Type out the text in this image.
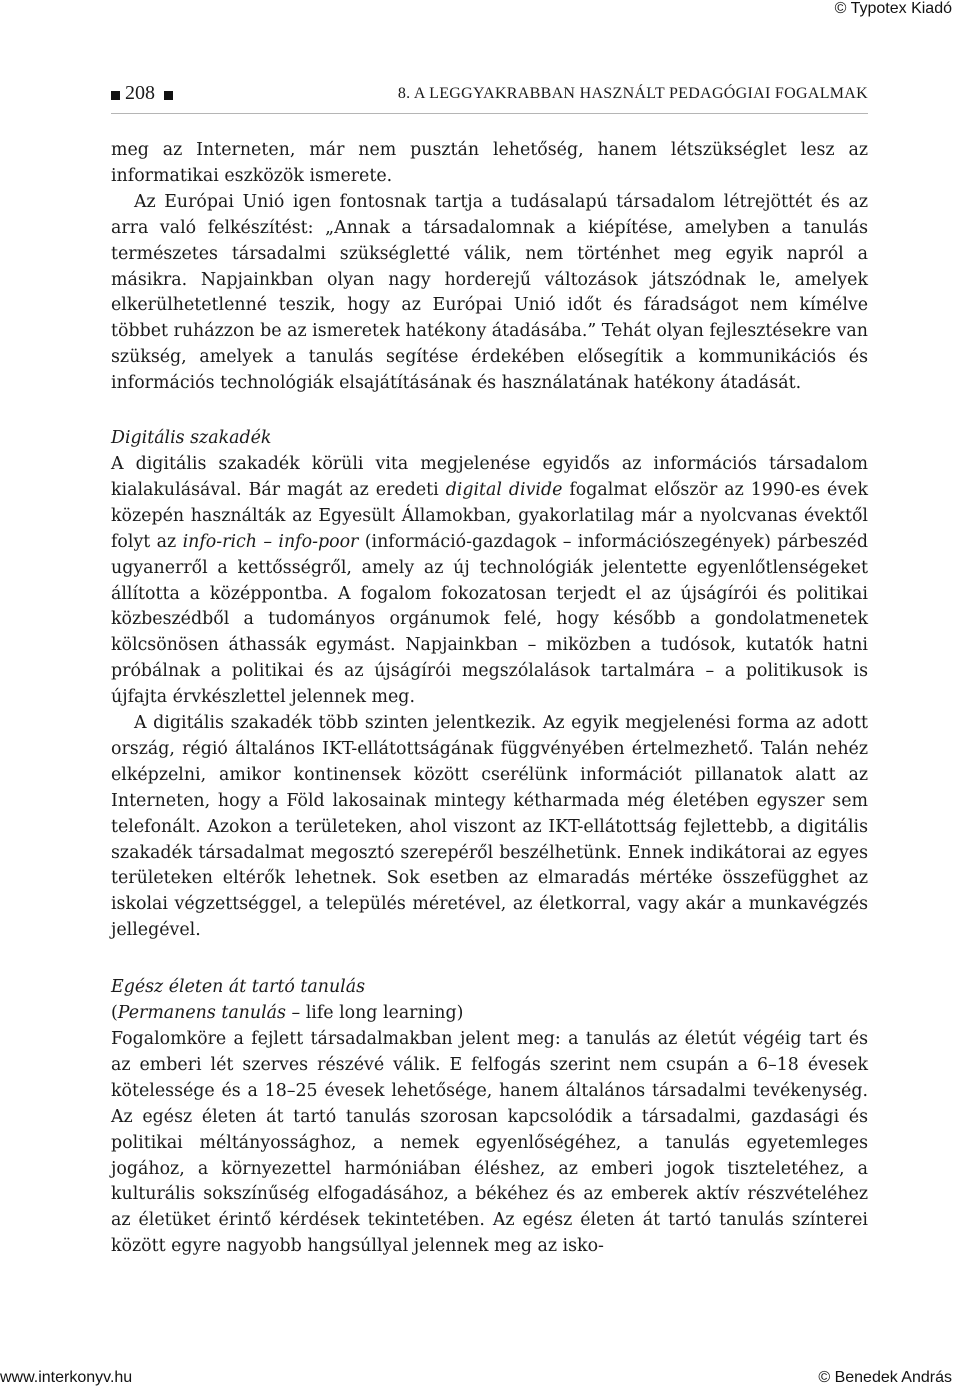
© Typotex Kiadó
208	8. A LEGGYAKRABBAN HASZNÁLT PEDAGÓGIAI FOGALMAK

meg az Interneten, már nem pusztán lehetőség, hanem létszükséglet lesz az informatikai eszközök ismerete.

Az Európai Unió igen fontosnak tartja a tudásalapú társadalom létrejöttét és az arra való felkészítést: „Annak a társadalomnak a kiépítése, amelyben a tanulás természetes társadalmi szükségletté válik, nem történhet meg egyik napról a másikra. Napjainkban olyan nagy horderejű változások játszódnak le, amelyek elkerülhetetlenné teszik, hogy az Európai Unió időt és fáradságot nem kímélve többet ruházzon be az ismeretek hatékony átadásába.” Tehát olyan fejlesztésekre van szükség, amelyek a tanulás segítése érdekében elősegítik a kommunikációs és információs technológiák elsajátításának és használatának hatékony átadását.

Digitális szakadék

A digitális szakadék körüli vita megjelenése egyidős az információs társadalom kialakulásával. Bár magát az eredeti digital divide fogalmat először az 1990-es évek közepén használták az Egyesült Államokban, gyakorlatilag már a nyolcvanas évektől folyt az info-rich – info-poor (információ-gazdagok – információszegények) párbeszéd ugyanerről a kettősségről, amely az új technológiák jelentette egyenlőtlenségeket állította a középpontba. A fogalom fokozatosan terjedt el az újságírói és politikai közbeszédből a tudományos orgánumok felé, hogy később a gondolatmenetek kölcsönösen áthassák egymást. Napjainkban – miközben a tudósok, kutatók hatni próbálnak a politikai és az újságírói megszólalások tartalmára – a politikusok is újfajta érvkészlettel jelennek meg.

A digitális szakadék több szinten jelentkezik. Az egyik megjelenési forma az adott ország, régió általános IKT-ellátottságának függvényében értelmezhető. Talán nehéz elképzelni, amikor kontinensek között cserélünk információt pillanatok alatt az Interneten, hogy a Föld lakosainak mintegy kétharmada még életében egyszer sem telefonált. Azokon a területeken, ahol viszont az IKT-ellátottság fejlettebb, a digitális szakadék társadalmat megosztó szerepéről beszélhetünk. Ennek indikátorai az egyes területeken eltérők lehetnek. Sok esetben az elmaradás mértéke összefügghet az iskolai végzettséggel, a település méretével, az életkorral, vagy akár a munkavégzés jellegével.

Egész életen át tartó tanulás
(Permanens tanulás – life long learning)

Fogalomköre a fejlett társadalmakban jelent meg: a tanulás az életút végéig tart és az emberi lét szerves részévé válik. E felfogás szerint nem csupán a 6–18 évesek kötelessége és a 18–25 évesek lehetősége, hanem általános társadalmi tevékenység. Az egész életen át tartó tanulás szorosan kapcsolódik a társadalmi, gazdasági és politikai méltányossághoz, a nemek egyenlőségéhez, a tanulás egyetemleges jogához, a környezettel harmóniában éléshez, az emberi jogok tiszteletéhez, a kulturális sokszínűség elfogadásához, a békéhez és az emberek aktív részvételéhez az életüket érintő kérdések tekintetében. Az egész életen át tartó tanulás színterei között egyre nagyobb hangsúllyal jelennek meg az isko-

www.interkonyv.hu	© Benedek András
